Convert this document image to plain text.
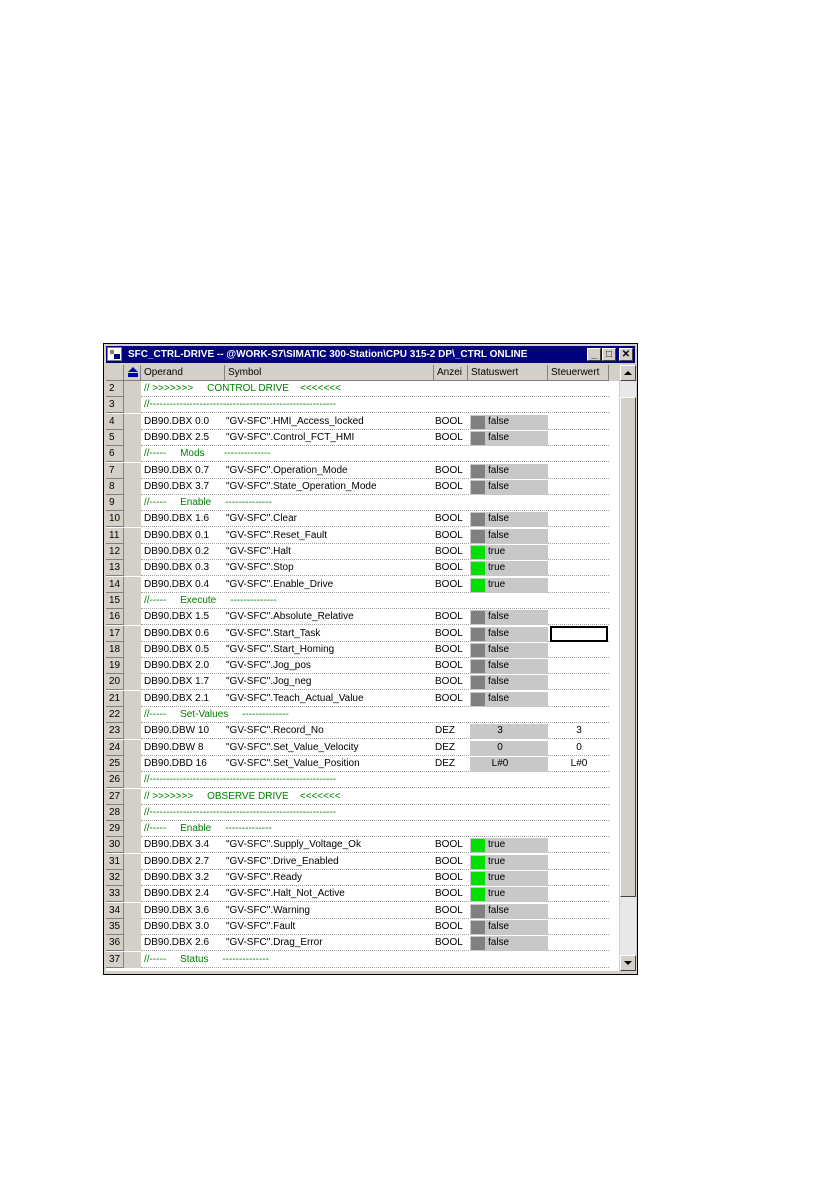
SFC_CTRL-DRIVE -- @WORK-S7\SIMATIC 300-Station\CPU 315-2 DP\_CTRL ONLINE	_ □ ✕
Operand	Symbol	Anzei Statuswert	Steuerwert
2	// >>>>>>>     CONTROL DRIVE    <<<<<<<
3	//--------------------------------------------------------
4	DB90.DBX 0.0	"GV-SFC".HMI_Access_locked	BOOL	false
5	DB90.DBX 2.5	"GV-SFC".Control_FCT_HMI	BOOL	false
6	//-----     Mods       --------------
7	DB90.DBX 0.7	"GV-SFC".Operation_Mode	BOOL	false
8	DB90.DBX 3.7	"GV-SFC".State_Operation_Mode	BOOL	false
9	//-----     Enable     --------------
10	DB90.DBX 1.6	"GV-SFC".Clear	BOOL	false
11	DB90.DBX 0.1	"GV-SFC".Reset_Fault	BOOL	false
12	DB90.DBX 0.2	"GV-SFC".Halt	BOOL	true
13	DB90.DBX 0.3	"GV-SFC".Stop	BOOL	true
14	DB90.DBX 0.4	"GV-SFC".Enable_Drive	BOOL	true
15	//-----     Execute     --------------
16	DB90.DBX 1.5	"GV-SFC".Absolute_Relative	BOOL	false
17	DB90.DBX 0.6	"GV-SFC".Start_Task	BOOL	false
18	DB90.DBX 0.5	"GV-SFC".Start_Homing	BOOL	false
19	DB90.DBX 2.0	"GV-SFC".Jog_pos	BOOL	false
20	DB90.DBX 1.7	"GV-SFC".Jog_neg	BOOL	false
21	DB90.DBX 2.1	"GV-SFC".Teach_Actual_Value	BOOL	false
22	//-----     Set-Values     --------------
23	DB90.DBW 10	"GV-SFC".Record_No	DEZ	3	3
24	DB90.DBW 8	"GV-SFC".Set_Value_Velocity	DEZ	0	0
25	DB90.DBD 16	"GV-SFC".Set_Value_Position	DEZ	L#0	L#0
26	//--------------------------------------------------------
27	// >>>>>>>     OBSERVE DRIVE    <<<<<<<
28	//--------------------------------------------------------
29	//-----     Enable     --------------
30	DB90.DBX 3.4	"GV-SFC".Supply_Voltage_Ok	BOOL	true
31	DB90.DBX 2.7	"GV-SFC".Drive_Enabled	BOOL	true
32	DB90.DBX 3.2	"GV-SFC".Ready	BOOL	true
33	DB90.DBX 2.4	"GV-SFC".Halt_Not_Active	BOOL	true
34	DB90.DBX 3.6	"GV-SFC".Warning	BOOL	false
35	DB90.DBX 3.0	"GV-SFC".Fault	BOOL	false
36	DB90.DBX 2.6	"GV-SFC".Drag_Error	BOOL	false
37	//-----     Status     --------------
